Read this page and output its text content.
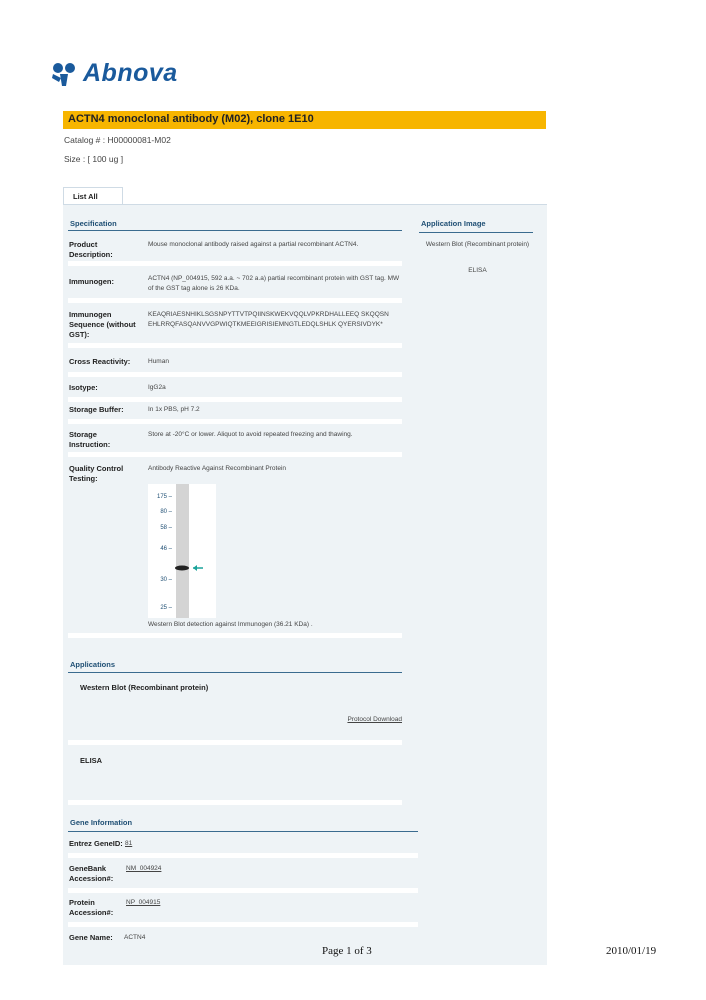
Abnova
ACTN4 monoclonal antibody (M02), clone 1E10
Catalog # : H00000081-M02
Size : [ 100 ug ]
List All
Specification	Application Image
Western Blot (Recombinant protein)
ELISA
Product Description:
Mouse monoclonal antibody raised against a partial recombinant ACTN4.
Immunogen:	ACTN4 (NP_004915, 592 a.a. ~ 702 a.a) partial recombinant protein with GST tag. MW of the GST tag alone is 26 KDa.
Immunogen Sequence (without GST):
KEAQRIAESNHIKLSGSNPYTTVTPQIINSKWEKVQQLVPKRDHALLEEQ SKQQSNEHLRRQFASQANVVGPWIQTKMEEIGRISIEMNGTLEDQLSHLK QYERSIVDYK*
Cross Reactivity:	Human
Isotype:	IgG2a
Storage Buffer:	In 1x PBS, pH 7.2
Storage Instruction:
Store at -20°C or lower. Aliquot to avoid repeated freezing and thawing.
Quality Control Testing:
Antibody Reactive Against Recombinant Protein
175 –
80 –
58 –
46 –
30 –
25 –
Western Blot detection against Immunogen (36.21 KDa) .
Applications
Western Blot (Recombinant protein)
Protocol Download
ELISA
Gene Information
Entrez GeneID: 81
GeneBank Accession#:
NM_004924
Protein Accession#:
NP_004915
Gene Name: ACTN4
Page 1 of 3	2010/01/19
